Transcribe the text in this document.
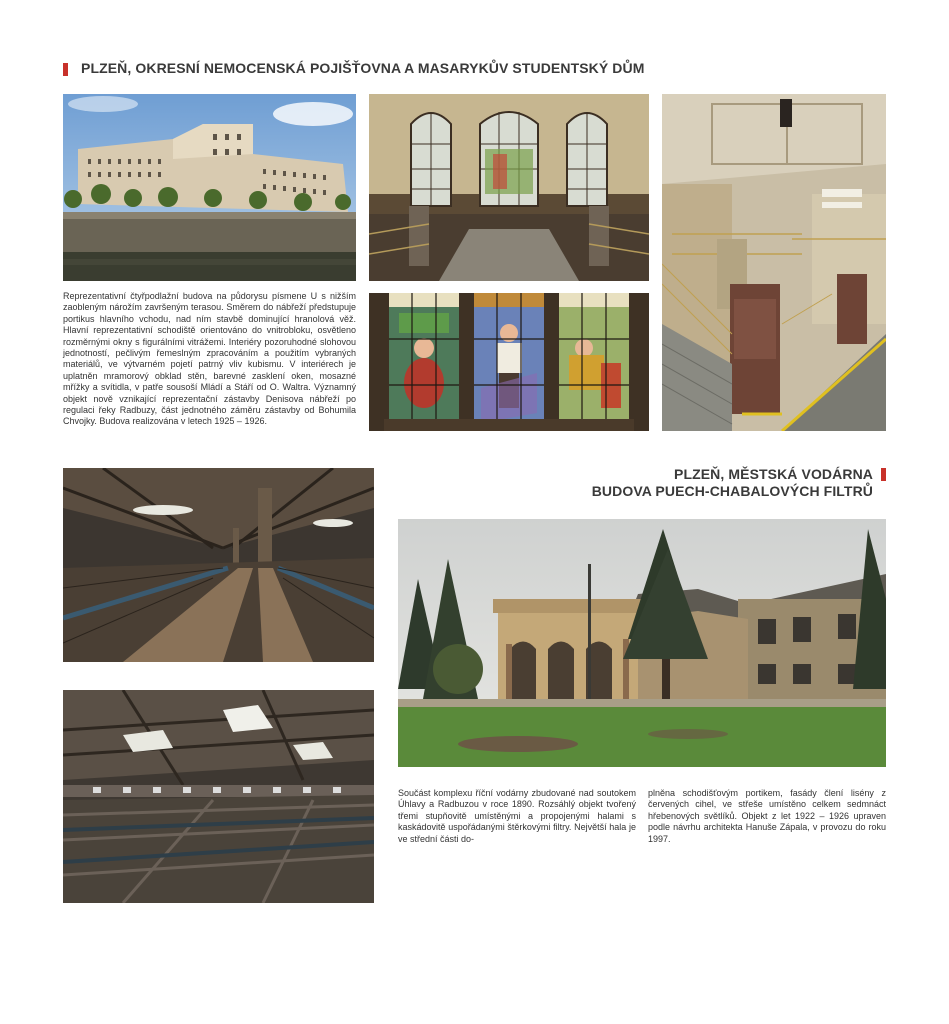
PLZEŇ, OKRESNÍ NEMOCENSKÁ POJIŠŤOVNA A MASARYKŮV STUDENTSKÝ DŮM
Reprezentativní čtyřpodlažní budova na půdorysu písmene U s nižším zaobleným nárožím završeným terasou. Směrem do nábřeží předstupuje portikus hlavního vchodu, nad ním stavbě dominující hranolová věž. Hlavní reprezentativní schodiště orientováno do vnitrobloku, osvětleno rozměrnými okny s figurálními vitrážemi. Interiéry pozoruhodné slohovou jednotností, pečlivým řemeslným zpracováním a použitím vybraných materiálů, ve výtvarném pojetí patrný vliv kubismu. V interiérech je uplatněn mramorový obklad stěn, barevné zasklení oken, mosazné mřížky a svítidla, v patře sousoší Mládí a Stáří od O. Waltra. Významný objekt nově vznikající reprezentační zástavby Denisova nábřeží po regulaci řeky Radbuzy, část jednotného záměru zástavby od Bohumila Chvojky. Budova realizována v letech 1925 – 1926.
PLZEŇ, MĚSTSKÁ VODÁRNA
BUDOVA PUECH-CHABALOVÝCH FILTRŮ
Součást komplexu říční vodárny zbudované nad soutokem Úhlavy a Radbuzou v roce 1890. Rozsáhlý objekt tvořený třemi stupňovitě umístěnými a propojenými halami s kaskádovitě uspořádanými štěrkovými filtry. Největší hala je ve střední části do-
plněna schodišťovým portikem, fasády člení lisény z červených cihel, ve střeše umístěno celkem sedmnáct hřebenových světlíků. Objekt z let 1922 – 1926 upraven podle návrhu architekta Hanuše Zápala, v provozu do roku 1997.
